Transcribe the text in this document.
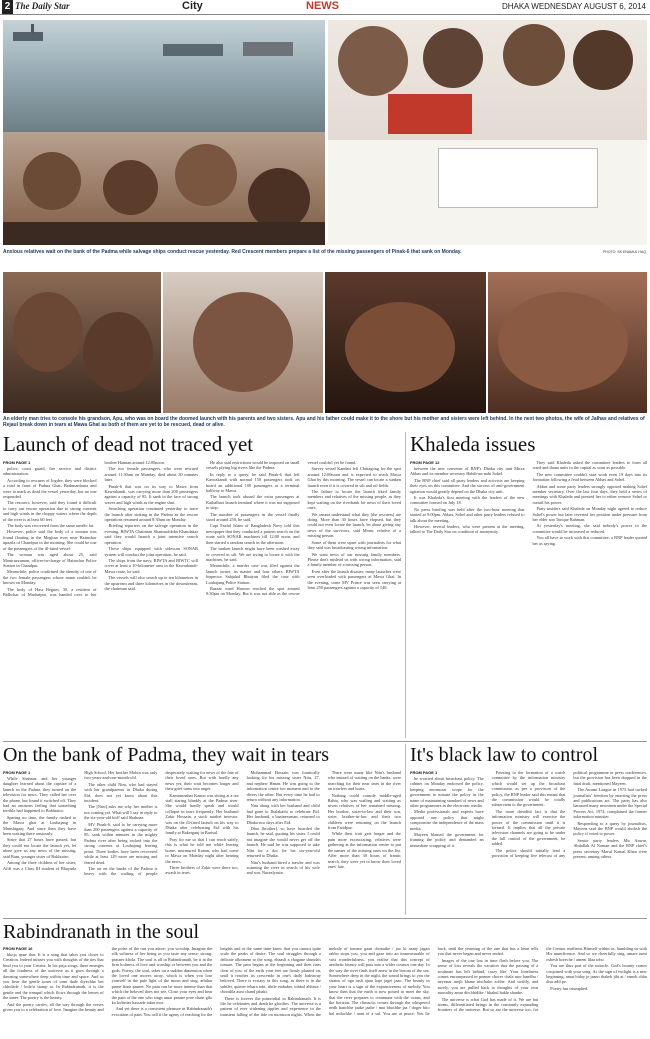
2 The Daily Star	City	NEWS	DHAKA WEDNESDAY AUGUST 6, 2014
Anxious relatives wait on the bank of the Padma while salvage ships conduct rescue yesterday. Red Crescent members prepare a list of the missing passengers of Pinak-6 that sank on Monday.	PHOTO: SK ENAMUL HAQ
An elderly man tries to console his grandson, Apu, who was on board the doomed launch with his parents and two sisters. Apu and his father could make it to the shore but his mother and sisters were left behind. In the next two photos, the wife of Jalhas and relatives of Rejaul break down in tears at Mawa Ghat as both of them are yet to be rescued, dead or alive.
Launch of dead not traced yet
FROM PAGE 1

police, coast guard, fire service and district administration.

According to rescuers of Jogdev, they were blocked a road in front of Padma Ghat, Brahmanbaria and were to mark as dead the vessel yesterday, but no one responded.

The rescuers, however, said they found it difficult to carry out rescue operation due to strong currents and high winds in the choppy waters where the depth of the river is at least 60 feet.

The body was recovered from the same areaSo far.

However, police said the body of a woman was found floating in the Meghna river near Haimchar upazila of Chandpur in the morning. She could be one of the passengers of the ill-fated vessel.

The woman was aged about 25, said Moniruzzaman, officer-in-charge of Haimchar Police Station in Chandpur.

Meanwhile, police confirmed the identity of one of the two female passengers whose name couldn't be known on Monday.

The body of Hasi Begum, 30, a resident of Bidhchar of Madaripur, was handed over to her brother Hannan around 12:00noon.

The two female passengers, who were rescued around 11:30am on Monday, died about 30 minutes later.

Pinak-6 that was on its way to Mawa from Kawrakandi, was carrying more than 200 passengers against a capacity of 85. It sank in the face of strong waves and high winds as the engine shut.

Searching operation continued yesterday to trace the launch after sinking in the Padma as the rescue operations resumed around 8:30am on Monday.

Briefing reporters on the salvage operation in the evening, BIWTA Chairman Shamsuddoha Khandakar said they would launch a joint intensive search operation.

These ships equipped with sidescan SONAR system will conduct the joint operation, he said.

The ships from the navy, BIWTA and BIWTC will cover at least a 10-kilometre area in the Kawrakandi-Mawa route, he said.

The vessels will also search up to ten kilometres in the upstream and three kilometres in the downstream, the chairman said.

He also said restrictions would be imposed on small vessels plying big rivers like the Padma.

In reply to a query, he said Pinak-6 that left Kawrakandi with normal 150 passengers took on board an additional 100 passengers at a terminal halfway to Mawa.

The launch took aboard the extra passengers at Kathalbari launch terminal where it was not supposed to stop.

The number of passengers in the vessel finally stood around 250, he said.

Capt Fazlul Islam of Bangladesh Navy told this newspaper that they conducted a pattern search on the route with SONAR machines till 12:00 noon, and then started a random search in the afternoon.

The sunken launch might have been washed away or covered in silt. We are trying to locate it with the machines, he said.

Meanwhile, a murder case was filed against the launch owner, its master and four others. BIWTA Inspector Sahjahal Bhuiyan filed the case with Louhajang Police Station.

Bazaar ward Haroon reached the spot around 9:30pm on Monday. But it was not able as the rescue vessel couldn't yet be found.

Survey vessel Kandari left Chittagong for the spot around 12:00noon and is expected to reach Mawa Ghat by this morning. The vessel can locate a sunken launch even if it is covered in silt and oil fields.

The failure to locate the launch irked family members and relatives of the missing people, as they kept waiting on the riverbank for news of their loved ones.

We cannot understand what they [the rescuers] are doing. More than 30 hours have elapsed, but they could not even locate the launch, let alone giving any news of the survivors, said Monir, relative of a missing person.

Some of them were upset with journalists for what they said was broadcasting wrong information.

We want news of our missing family members. Please don't mislead us with wrong information, said a family member of a missing person.

Even after the launch disaster, many launches were seen overloaded with passengers at Mawa Ghat. In the evening, some MV Prince was seen carrying at least 250 passengers against a capacity of 140.

Khaleda issues
FROM PAGE 12

between the new convener of BNP's Dhaka city unit Mirza Abbas and its member secretary Habib-un-nabi Sohel.

The BNP chief said all party leaders and activists are keeping their eyes on this committee. And the success of anti-government agitation would greatly depend on the Dhaka city unit.

It was Khaleda's first meeting with the leaders of the new committee formed on July 18.

No press briefing was held after the two-hour meeting that started at 9:00pm. Abbas, Sohel and other party leaders refused to talk about the meeting.

However, several leaders, who were present at the meeting, talked to The Daily Star on condition of anonymity.

They said Khaleda asked the committee leaders to form all ward and thana units in the capital as soon as possible.

The new committee couldn't start work even 19 days into its formation following a feud between Abbas and Sohel.

Abbas and some party leaders strongly opposed making Sohel member secretary. Over the last four days, they held a series of meetings with Khaleda and pressed her to either remove Sohel or curtail his power.

Party insiders said Khaleda on Monday night agreed to reduce Sohel's power but later reverted her position under pressure from her elder son Tarique Rahman.

At yesterday's meeting, she said nobody's power in the committee would be increased or reduced.

You all have to work with this committee, a BNP leader quoted her as saying.

On the bank of Padma, they wait in tears
FROM PAGE 1

While Shahnaz and her younger daughter learned about the capsize of a launch in the Padma, they turned on the television for news. They called her over the phone, but found it switched off. They had an ominous feeling that something terrible had happened to Bokhtairo.

Sparing no time, the family rushed to the Mawa ghat at Louhajang in Munshiganj. And since then they have been waiting there anxiously.

Since that 27 hours have passed, but they could not locate the launch yet, let alone give us any news of the missing, said Ram, younger sister of Bokhtairo.

Among the three children of her sister, Afifi was a Class III student of Bhayuda High School. Her brother Mohin was only two-years-and-one-month-old.

The other child Nim, who had stayed with her grandparents in Dhaka during Eid, does not yet know about this incident.

The [Nim] asks me why her mother is not coming yet. What will I say in reply to the six-year-old kid? said Shahnaz.

MV Pinak-6, said to be carrying more than 200 passengers against a capacity of 85, sank within minutes in the mighty Padma river after being rocked into the strong currents at Louhajang leaving point. Three bodies have been recovered while at least 129 more are missing and feared dead.

The air on the banks of the Padma is heavy with the wailing of people desperately waiting for news of the fate of their loved ones. But with hardly any news yet, their wait becomes longer and their grief turns into anger.

Kamrunnahar Kanon was sitting at a tea stall staring blankly at the Padma river. She would hardly speak and would collapse in tears frequently. Her husband Zakir Hossain, a stock market investor, was on the ill-fated launch on his way to Dhaka after celebrating Eid with his family at Bakerganj in Barisal.

Pray for me so that I can reach safely, this is what he told me while leaving home, murmured Kanan, who had come to Mawa on Monday night after hearing the news.

Three brothers of Zakir were there too, awash in tears.

Mohammad Hossain was frantically looking for his missing sister Nitu, 27, and nephew Hrnan. He was going to the information centre too moment and to the divers the other. But every time he had to return without any information.

Nitu along with her husband and child had gone to Jhalakathi to celebrate Eid. Her husband, a businessman, returned to Dhaka two days after Eid.

Dhai [brother], so have boarded the launch, he said, quoting his sister. I could not imagine she would never get off the launch. He said he was supposed to take Nitu for a doc for his six-year-old returned to Dhaka.

Nitu's husband hired a trawler and was scanning the river in search of his wife and son, Nurealyasin.

There were many like Nitu's husband who instead of waiting on the banks, were searching for their near ones in the river on trawlers and boats.

Nothing could console middle-aged Rabia, who was wailing and waiting as seven relatives of her remained missing. Her brother, sister-in-law and their son, sister, brother-in-law and their two children were returning on the launch from Faridpur.

While their wait gets longer and the pain more excruciating, relatives were gathering at the information centre to put the names of the missing ones on the list. After more than 30 hours of frantic search, they were yet to know their loved ones' fate.

It's black law to control
FROM PAGE 1

be worried about broadcast policy. The cabinet on Monday endorsed the policy, keeping enormous scope for the government to misuse the policy in the name of maintaining standard of news and other programmes in the electronic media.

Media professionals and experts have opposed any policy that might compromise the independence of the mass media.

Mayeen blamed the government for framing the policy and demanded an immediate scrapping of it.

Pointing to the formation of a watch committee by the information ministry which would set up the broadcast commission as per a provision of the policy, the BNP leader said this meant that the commission would be totally subservient to the government.

The more dreadful fact is that the information ministry will exercise the power of the commission until it is formed. It implies that all the private television channels are going to be under the full control of the government, he added.

The police should initially lead a provision of keeping live telecast of any political programme or press conferences, but the provision has been dropped in the final draft, mentioned Mayeen.

The Awami League in 1975 had curbed journalists' freedom by enacting the press and publications act. The party has also harassed many newsmen under the Special Powers Act, 1974, complained the former information minister.

Responding to a query by journalists, Mayeen said the BNP would abolish the policy if voted to power.

Senior party leaders Mir Anwar, Abdullah Al Noman and the BNP chief's press secretary Maruf Kamal Khan were present, among others.

Rabindranath in the soul
FROM PAGE 16

bhojo apne thar. It is a song that takes you closer to Creation. Indeed infuses you with thoughts of the ties that bind you to your Creator. In his prija songs, there emerges all the fondness of the universe as it goes through a dawning somewhere deep within time and space. And so you hear the gentle tones of tomi dade diyechho bet chholade / bole/a stamp ta. In Rabindranath, it is the gentle and the tranquil which flows through the lenses of the inner. The poetry is the beauty.

And the poetry carries, all the way through the verses given you to a celebration of love. Imagine the beauty and the poise of the run you adore: you worship. Imagine the silk softness of her being as you taste any sense: strong: prasner khola. The soul is all in Rabindranath, be it in the firm holiness of love and worship or between you and the gods. Poetry, the soul, takes on a sudden dimension when the loved one moves away, which is when you lose yourself in the pale light of the moon and sing, aththar purne lione pruner. No pain can be more intense than that which the beloved does not see. Close your eyes and hear the pain of the one who sings amar praane pore chain gilo ko kolenter hassade tabar mor.

And yet there is a consistent pleasure in Rabindranath's evocation of pain. You call it the agony of reaching for the heights and at the same time know that you cannot quite scale the peaks of desire. The soul struggles through a delicate allotment to the song, ebaasli a chagane shunda's tomare. The pain begins at the beginning and then rises clear of you, of the earth your feet are firmly planted on, until it reaches its crescendo in one's daily fadeaway beloved. There is ecstasy in this song, as there is in the subtler, quieter tebara tobi, tibile etababer, tobbol abbiste / choralila aura chand jabaki.

There is forever the primordial in Rabindranath. It is life he celebrates and death he glorifies. The universe is a pattern of ever widening ripples and experience in the transient falling of the tide on monsoon nights. When the melody of tomare gaan chonaike / jao ki aamy jagan rabbo stops you, you and gaze into an immeasurable of vast wonderfulness, you realise that this concept of aesthetic beauty will pass into a wider cosmos one day. In the way the river finds itself anew in the bosom of the sea. Somewhere deep in the night, the sound brings to you the strains of oga tush ajaar baje jagei jaao. The beauty in your heart is a sign of the expansiveness of melody. You know then that the earth is now poised to meet the sky, that the river prepares to commune with the ocean, and the horizon. The climactic comes through the whispered nedh batichhe jaake jaabe / mai bhachhe jaa / doger bito bal milachhe / aani of a sal. You are at peace. You lie back, until the yearning of the one that has a heart tells you that never began and never ended.

Images of the one lost in time flash before you. The sense of loss reveals the vacation that the passing of a soulmate has left behind, crazy like. Your loneliness comes encompassed in ponner chorer chala mor bandhu / neyonar mojh khane nischaho achhe. And swiftly, and surely, you are pulled back to thoughts of your own mortality amar din bhidike / bhakul bakle shanbe.

The universe is what God has made of it. We are but atoms, differentiated beings in the constantly expanding frontiers of the universe. But so are the universe too, for the Creator reaffirms Himself within us, humbling us with His munificence. And so we cheerfully sing, amare tumi oshesh koreche / ameni lilaa tobo.

You are thus part of the miracle. God's bounty comes conjoined with your song: As the sign of twilight is a new beginning, amar hiday je jaano thakeb jibi ai / ennoh chhu diur adil pe.

Poetry has triumphed.
